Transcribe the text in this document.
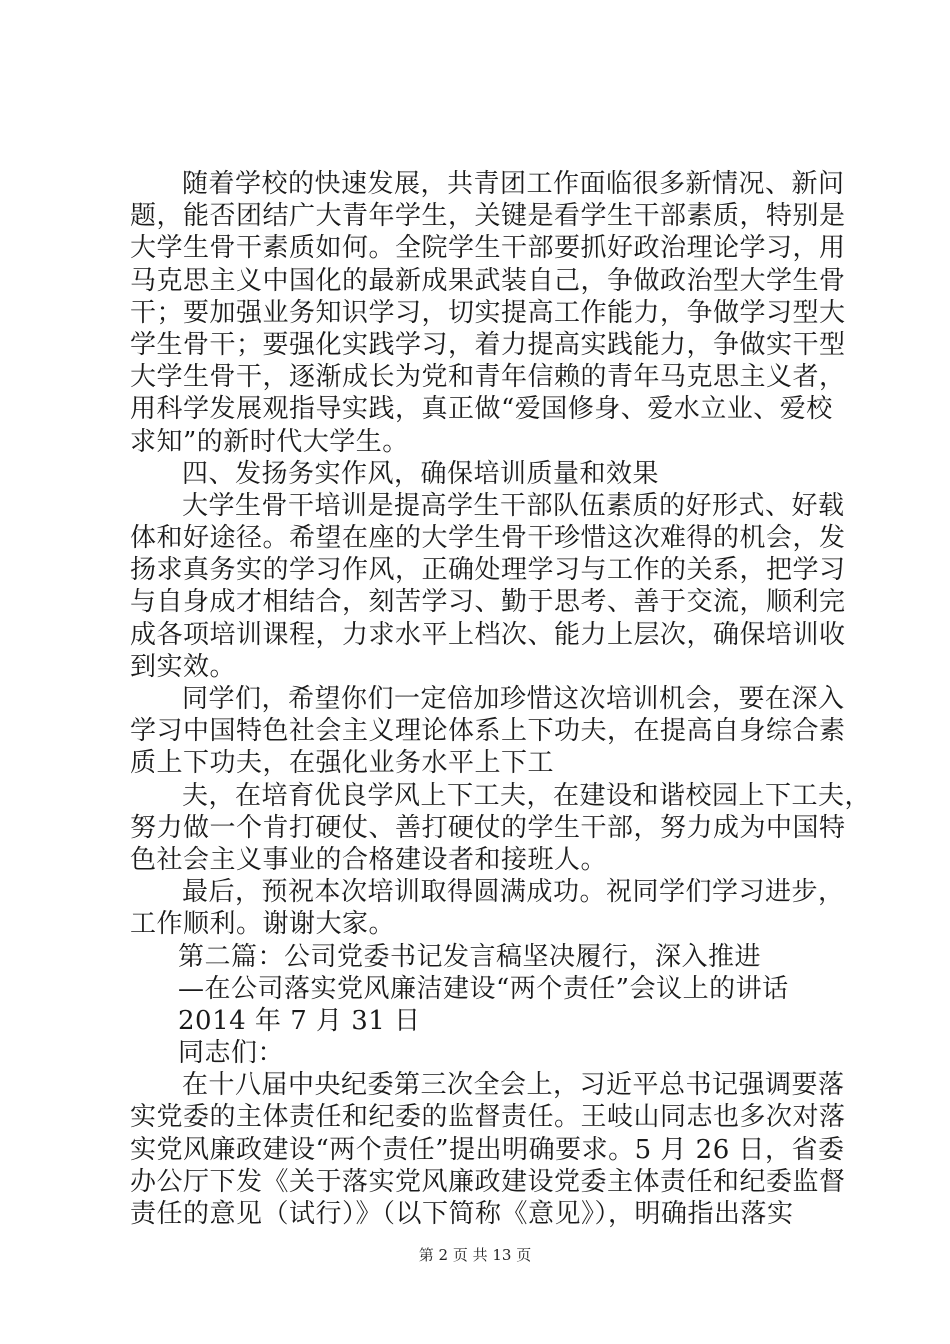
随着学校的快速发展，共青团工作面临很多新情况、新问
题，能否团结广大青年学生，关键是看学生干部素质，特别是
大学生骨干素质如何。全院学生干部要抓好政治理论学习，用
马克思主义中国化的最新成果武装自己，争做政治型大学生骨
干；要加强业务知识学习，切实提高工作能力，争做学习型大
学生骨干；要强化实践学习，着力提高实践能力，争做实干型
大学生骨干，逐渐成长为党和青年信赖的青年马克思主义者，
用科学发展观指导实践，真正做“爱国修身、爱水立业、爱校
求知”的新时代大学生。
四、发扬务实作风，确保培训质量和效果
大学生骨干培训是提高学生干部队伍素质的好形式、好载
体和好途径。希望在座的大学生骨干珍惜这次难得的机会，发
扬求真务实的学习作风，正确处理学习与工作的关系，把学习
与自身成才相结合，刻苦学习、勤于思考、善于交流，顺利完
成各项培训课程，力求水平上档次、能力上层次，确保培训收
到实效。
同学们，希望你们一定倍加珍惜这次培训机会，要在深入
学习中国特色社会主义理论体系上下功夫，在提高自身综合素
质上下功夫，在强化业务水平上下工
夫，在培育优良学风上下工夫，在建设和谐校园上下工夫，
努力做一个肯打硬仗、善打硬仗的学生干部，努力成为中国特
色社会主义事业的合格建设者和接班人。
最后，预祝本次培训取得圆满成功。祝同学们学习进步，
工作顺利。谢谢大家。
第二篇：公司党委书记发言稿坚决履行，深入推进
—在公司落实党风廉洁建设“两个责任”会议上的讲话
2014 年 7 月 31 日
同志们：
在十八届中央纪委第三次全会上，习近平总书记强调要落
实党委的主体责任和纪委的监督责任。王岐山同志也多次对落
实党风廉政建设“两个责任”提出明确要求。5 月 26 日，省委
办公厅下发《关于落实党风廉政建设党委主体责任和纪委监督
责任的意见（试行）》（以下简称《意见》），明确指出落实
第 2 页 共 13 页
